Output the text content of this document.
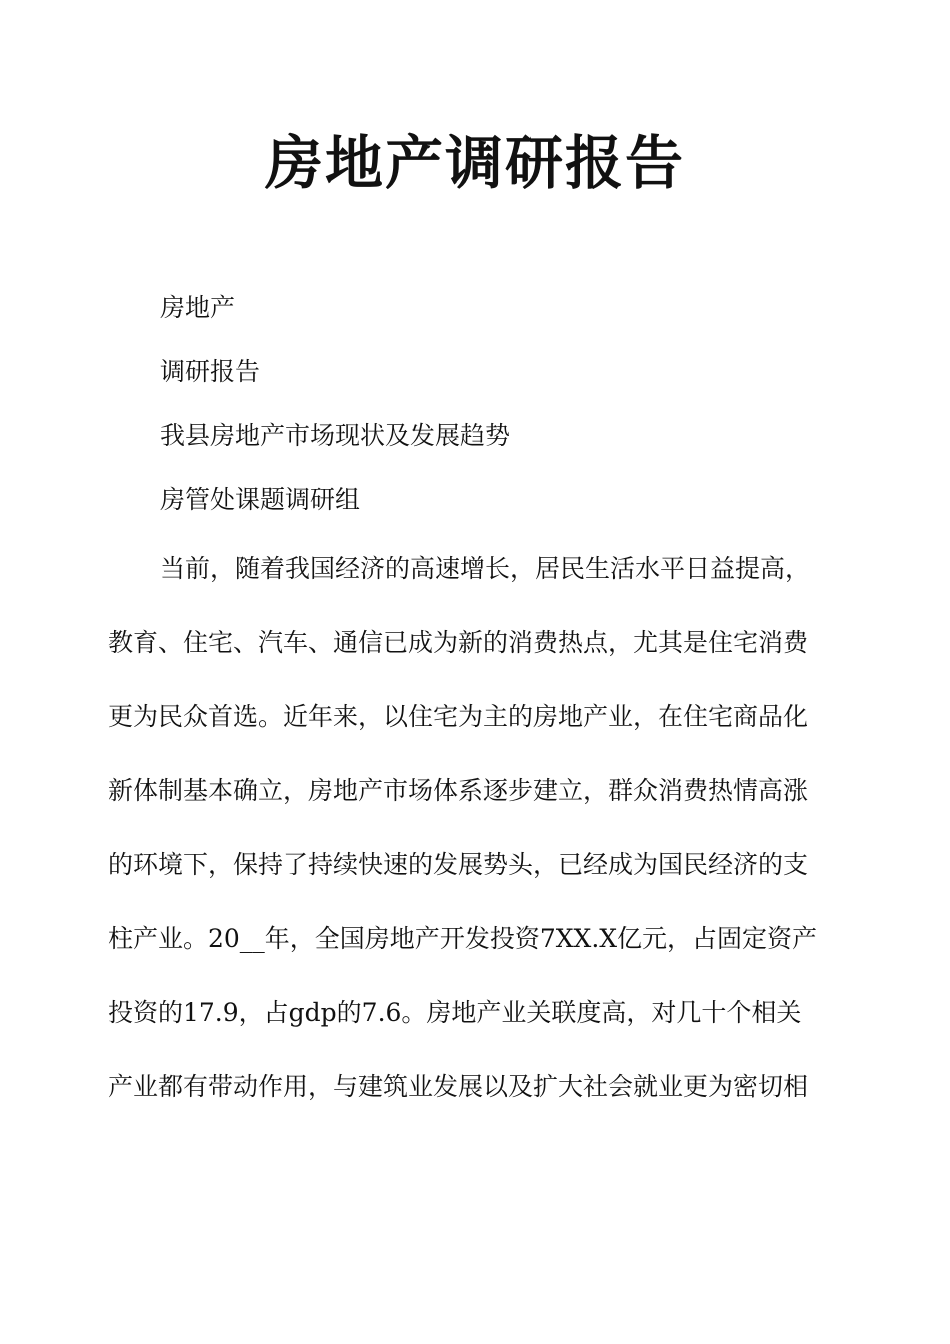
房地产调研报告
房地产
调研报告
我县房地产市场现状及发展趋势
房管处课题调研组
当前，随着我国经济的高速增长，居民生活水平日益提高，
教育、住宅、汽车、通信已成为新的消费热点，尤其是住宅消费
更为民众首选。近年来，以住宅为主的房地产业，在住宅商品化
新体制基本确立，房地产市场体系逐步建立，群众消费热情高涨
的环境下，保持了持续快速的发展势头，已经成为国民经济的支
柱产业。20__年，全国房地产开发投资7XX.X亿元，占固定资产
投资的17.9，占gdp的7.6。房地产业关联度高，对几十个相关
产业都有带动作用，与建筑业发展以及扩大社会就业更为密切相
